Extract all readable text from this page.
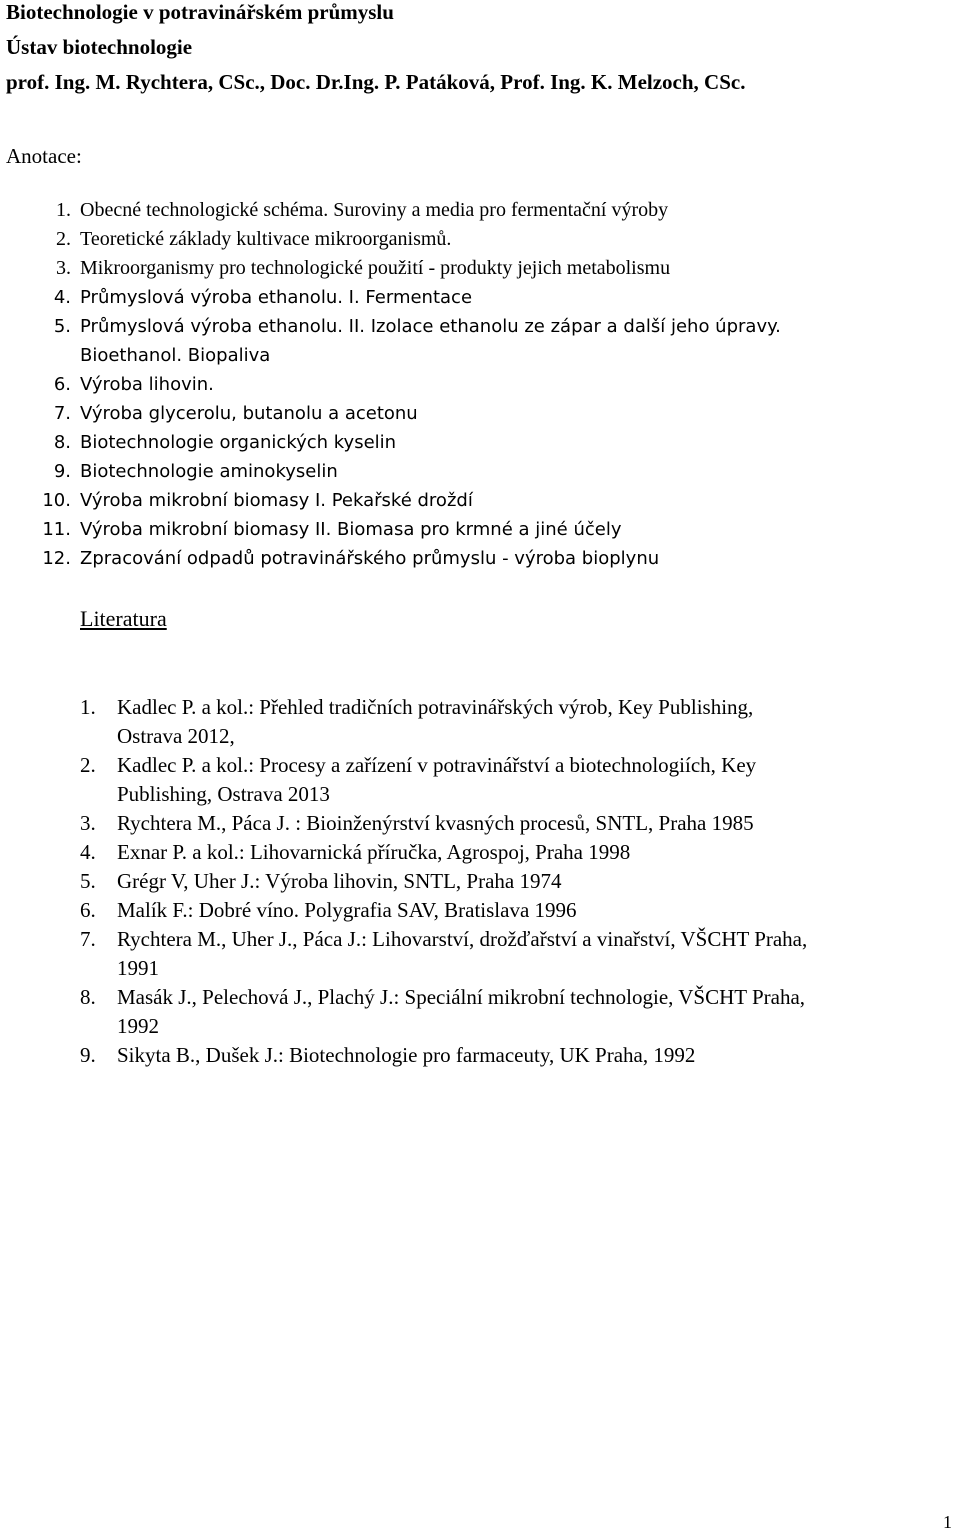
Biotechnologie v potravinářském průmyslu
Ústav biotechnologie
prof. Ing. M. Rychtera, CSc., Doc. Dr.Ing. P. Patáková, Prof. Ing. K. Melzoch, CSc.
Anotace:
1. Obecné technologické schéma. Suroviny a media pro fermentační výroby
2. Teoretické základy kultivace mikroorganismů.
3. Mikroorganismy pro technologické použití - produkty jejich metabolismu
4. Průmyslová výroba ethanolu. I. Fermentace
5. Průmyslová výroba ethanolu. II. Izolace ethanolu ze zápar a další jeho úpravy.
Bioethanol. Biopaliva
6. Výroba lihovin.
7. Výroba glycerolu, butanolu a acetonu
8. Biotechnologie organických kyselin
9. Biotechnologie aminokyselin
10. Výroba mikrobní biomasy I. Pekařské droždí
11. Výroba mikrobní biomasy II. Biomasa pro krmné a jiné účely
12. Zpracování odpadů potravinářského průmyslu - výroba bioplynu
Literatura
1. Kadlec P. a kol.: Přehled tradičních potravinářských výrob, Key Publishing,
Ostrava 2012,
2. Kadlec P. a kol.: Procesy a zařízení v potravinářství a biotechnologiích, Key
Publishing, Ostrava 2013
3. Rychtera M., Páca J. : Bioinženýrství kvasných procesů, SNTL, Praha 1985
4. Exnar P. a kol.: Lihovarnická příručka, Agrospoj, Praha 1998
5. Grégr V, Uher J.: Výroba lihovin, SNTL, Praha 1974
6. Malík F.: Dobré víno. Polygrafia SAV, Bratislava 1996
7. Rychtera M., Uher J., Páca J.: Lihovarství, drožďařství a vinařství, VŠCHT Praha,
1991
8. Masák J., Pelechová J., Plachý J.: Speciální mikrobní technologie, VŠCHT Praha,
1992
9. Sikyta B., Dušek J.: Biotechnologie pro farmaceuty, UK Praha, 1992
1
